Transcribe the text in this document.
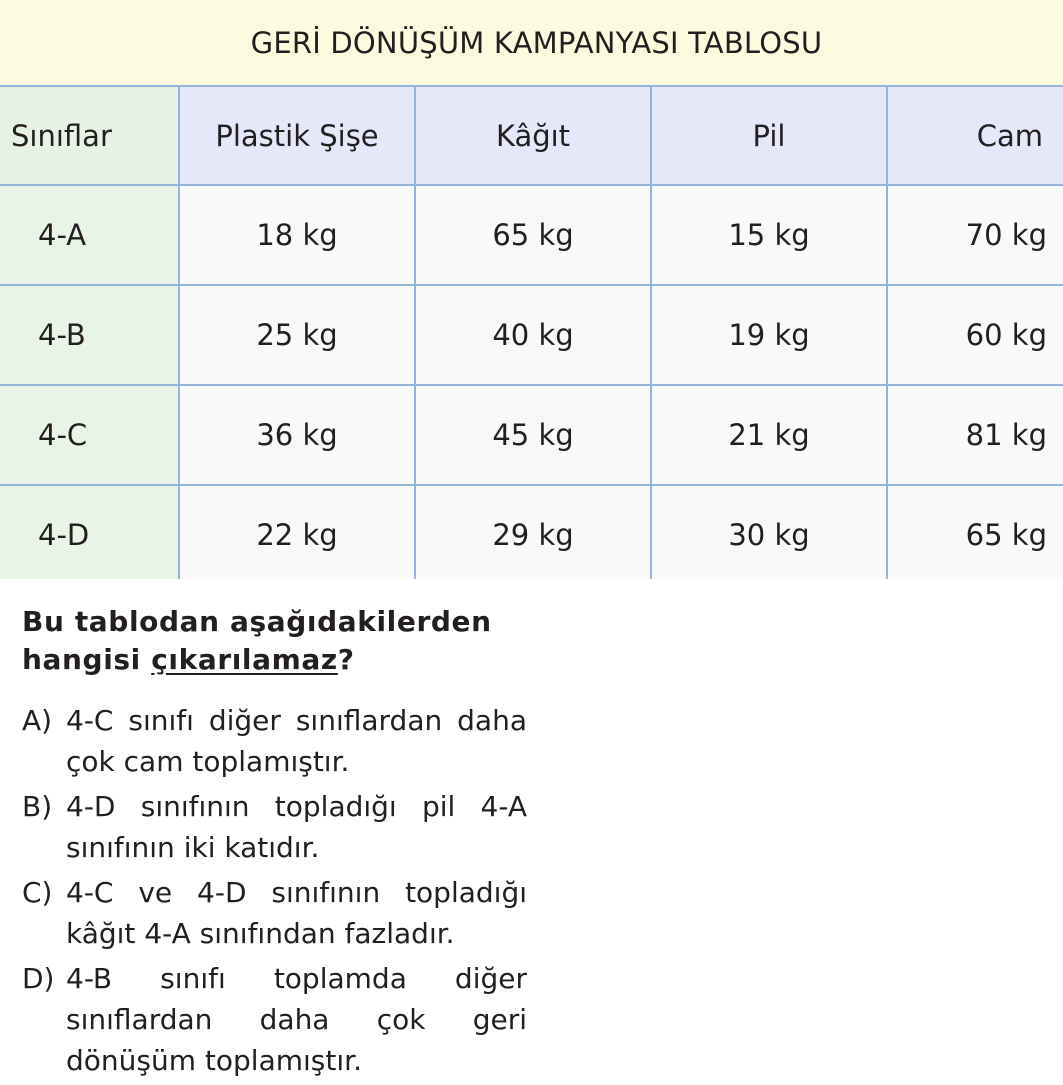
GERİ DÖNÜŞÜM KAMPANYASI TABLOSU
Sınıflar	Plastik Şişe	Kâğıt	Pil	Cam
4-A	18 kg	65 kg	15 kg	70 kg
4-B	25 kg	40 kg	19 kg	60 kg
4-C	36 kg	45 kg	21 kg	81 kg
4-D	22 kg	29 kg	30 kg	65 kg
Bu tablodan aşağıdakilerden hangisi çıkarılamaz?
A) 4-C sınıfı diğer sınıflardan daha çok cam toplamıştır.
B) 4-D sınıfının topladığı pil 4-A sınıfının iki katıdır.
C) 4-C ve 4-D sınıfının topladığı kâğıt 4-A sınıfından fazladır.
D) 4-B sınıfı toplamda diğer sınıflardan daha çok geri dönüşüm toplamıştır.
